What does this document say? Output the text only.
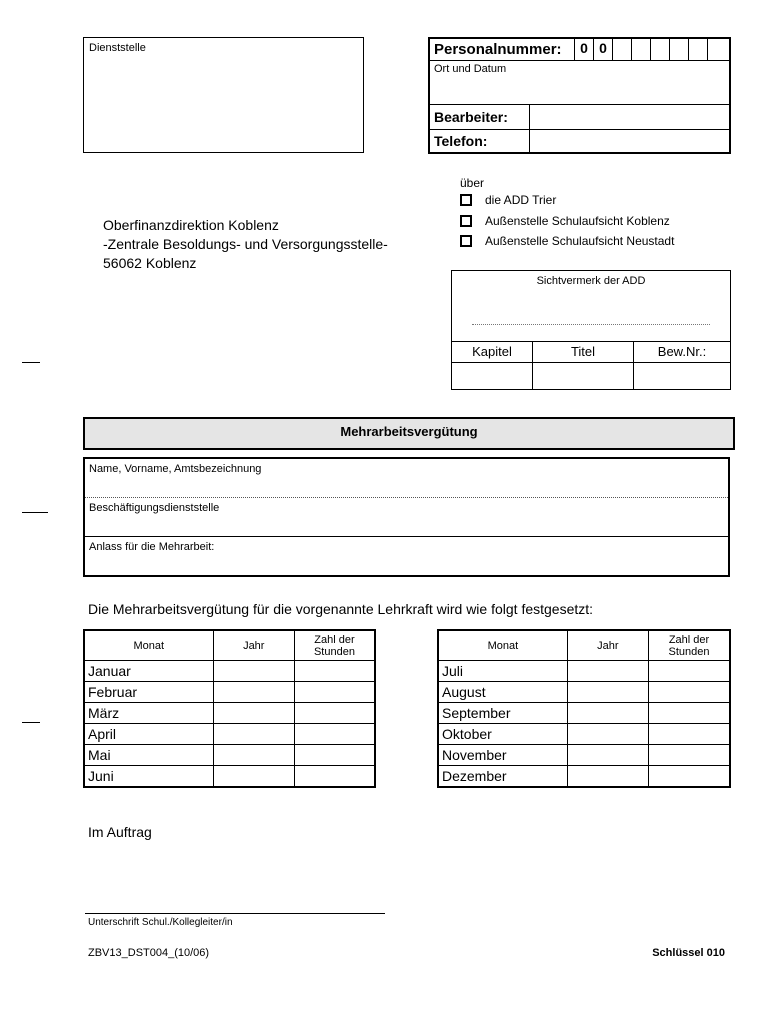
Dienststelle	Personalnummer:	0 0
Ort und Datum
Bearbeiter:
Telefon:
über
die ADD Trier
Außenstelle Schulaufsicht Koblenz
Außenstelle Schulaufsicht Neustadt
Oberfinanzdirektion Koblenz
-Zentrale Besoldungs- und Versorgungsstelle-
56062 Koblenz
Sichtvermerk der ADD
Kapitel	Titel	Bew.Nr.:
Mehrarbeitsvergütung
Name, Vorname, Amtsbezeichnung
Beschäftigungsdienststelle
Anlass für die Mehrarbeit:
Die Mehrarbeitsvergütung für die vorgenannte Lehrkraft wird wie folgt festgesetzt:
Monat	Jahr	Zahl der
Stunden
Januar		
Februar		
März		
April		
Mai		
Juni		
Monat	Jahr	Zahl der
Stunden
Juli		
August		
September		
Oktober		
November		
Dezember		
Im Auftrag
Unterschrift Schul./Kollegleiter/in
ZBV13_DST004_(10/06)	Schlüssel 010
